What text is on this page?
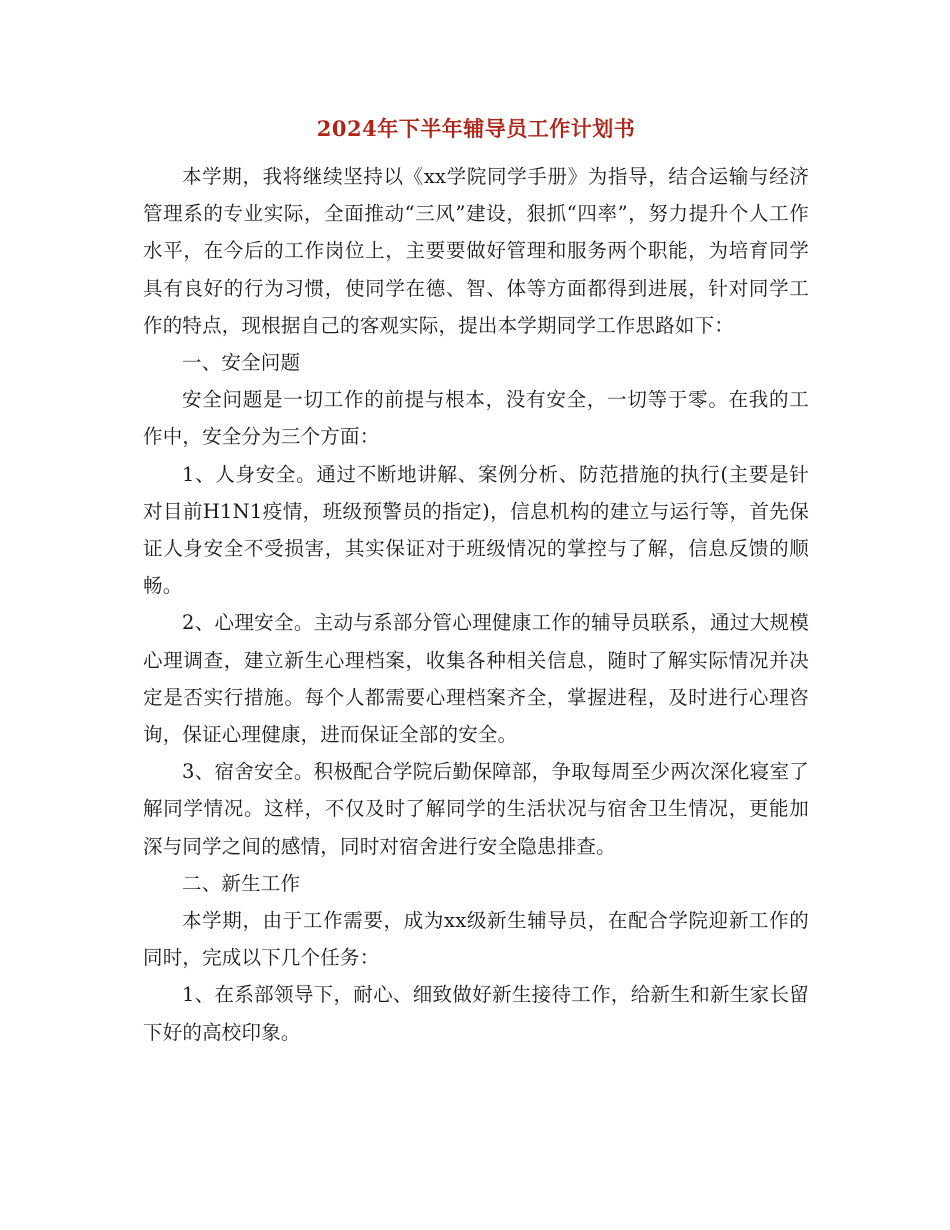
2024年下半年辅导员工作计划书

本学期，我将继续坚持以《xx学院同学手册》为指导，结合运输与经济管理系的专业实际，全面推动“三风”建设，狠抓“四率”，努力提升个人工作水平，在今后的工作岗位上，主要要做好管理和服务两个职能，为培育同学具有良好的行为习惯，使同学在德、智、体等方面都得到进展，针对同学工作的特点，现根据自己的客观实际，提出本学期同学工作思路如下：

一、安全问题

安全问题是一切工作的前提与根本，没有安全，一切等于零。在我的工作中，安全分为三个方面：

1、人身安全。通过不断地讲解、案例分析、防范措施的执行(主要是针对目前H1N1疫情，班级预警员的指定)，信息机构的建立与运行等，首先保证人身安全不受损害，其实保证对于班级情况的掌控与了解，信息反馈的顺畅。

2、心理安全。主动与系部分管心理健康工作的辅导员联系，通过大规模心理调查，建立新生心理档案，收集各种相关信息，随时了解实际情况并决定是否实行措施。每个人都需要心理档案齐全，掌握进程，及时进行心理咨询，保证心理健康，进而保证全部的安全。

3、宿舍安全。积极配合学院后勤保障部，争取每周至少两次深化寝室了解同学情况。这样，不仅及时了解同学的生活状况与宿舍卫生情况，更能加深与同学之间的感情，同时对宿舍进行安全隐患排查。

二、新生工作

本学期，由于工作需要，成为xx级新生辅导员，在配合学院迎新工作的同时，完成以下几个任务：

1、在系部领导下，耐心、细致做好新生接待工作，给新生和新生家长留下好的高校印象。
